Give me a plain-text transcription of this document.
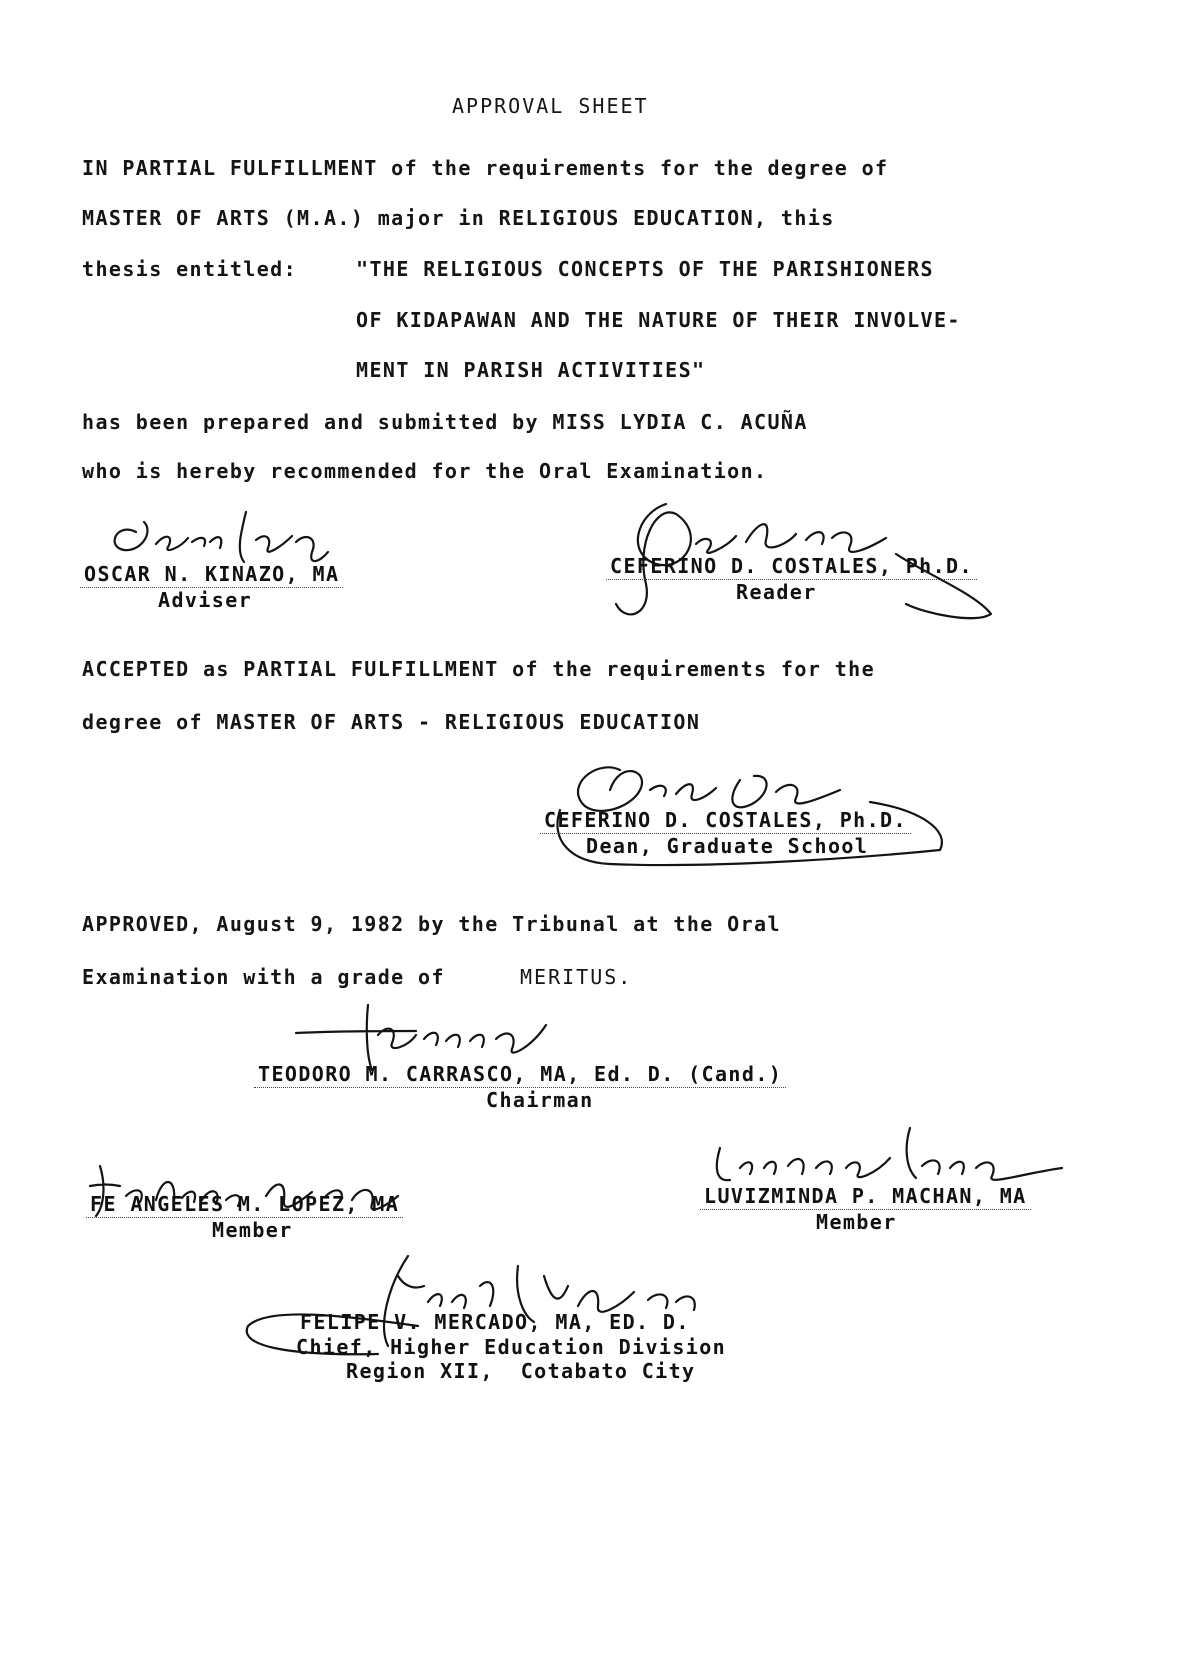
APPROVAL SHEET
IN PARTIAL FULFILLMENT of the requirements for the degree of
MASTER OF ARTS (M.A.) major in RELIGIOUS EDUCATION, this
thesis entitled:	"THE RELIGIOUS CONCEPTS OF THE PARISHIONERS
OF KIDAPAWAN AND THE NATURE OF THEIR INVOLVE-
MENT IN PARISH ACTIVITIES"
has been prepared and submitted by MISS LYDIA C. ACUÑA
who is hereby recommended for the Oral Examination.
OSCAR N. KINAZO, MA
Adviser
CEFERINO D. COSTALES, Ph.D.
Reader
ACCEPTED as PARTIAL FULFILLMENT of the requirements for the
degree of MASTER OF ARTS - RELIGIOUS EDUCATION
CEFERINO D. COSTALES, Ph.D.
Dean, Graduate School
APPROVED, August 9, 1982 by the Tribunal at the Oral
Examination with a grade of	MERITUS.
TEODORO M. CARRASCO, MA, Ed. D. (Cand.)
Chairman
FE ANGELES M. LOPEZ, MA
Member
LUVIZMINDA P. MACHAN, MA
Member
FELIPE V. MERCADO, MA, ED. D.
Chief, Higher Education Division
Region XII,  Cotabato City
